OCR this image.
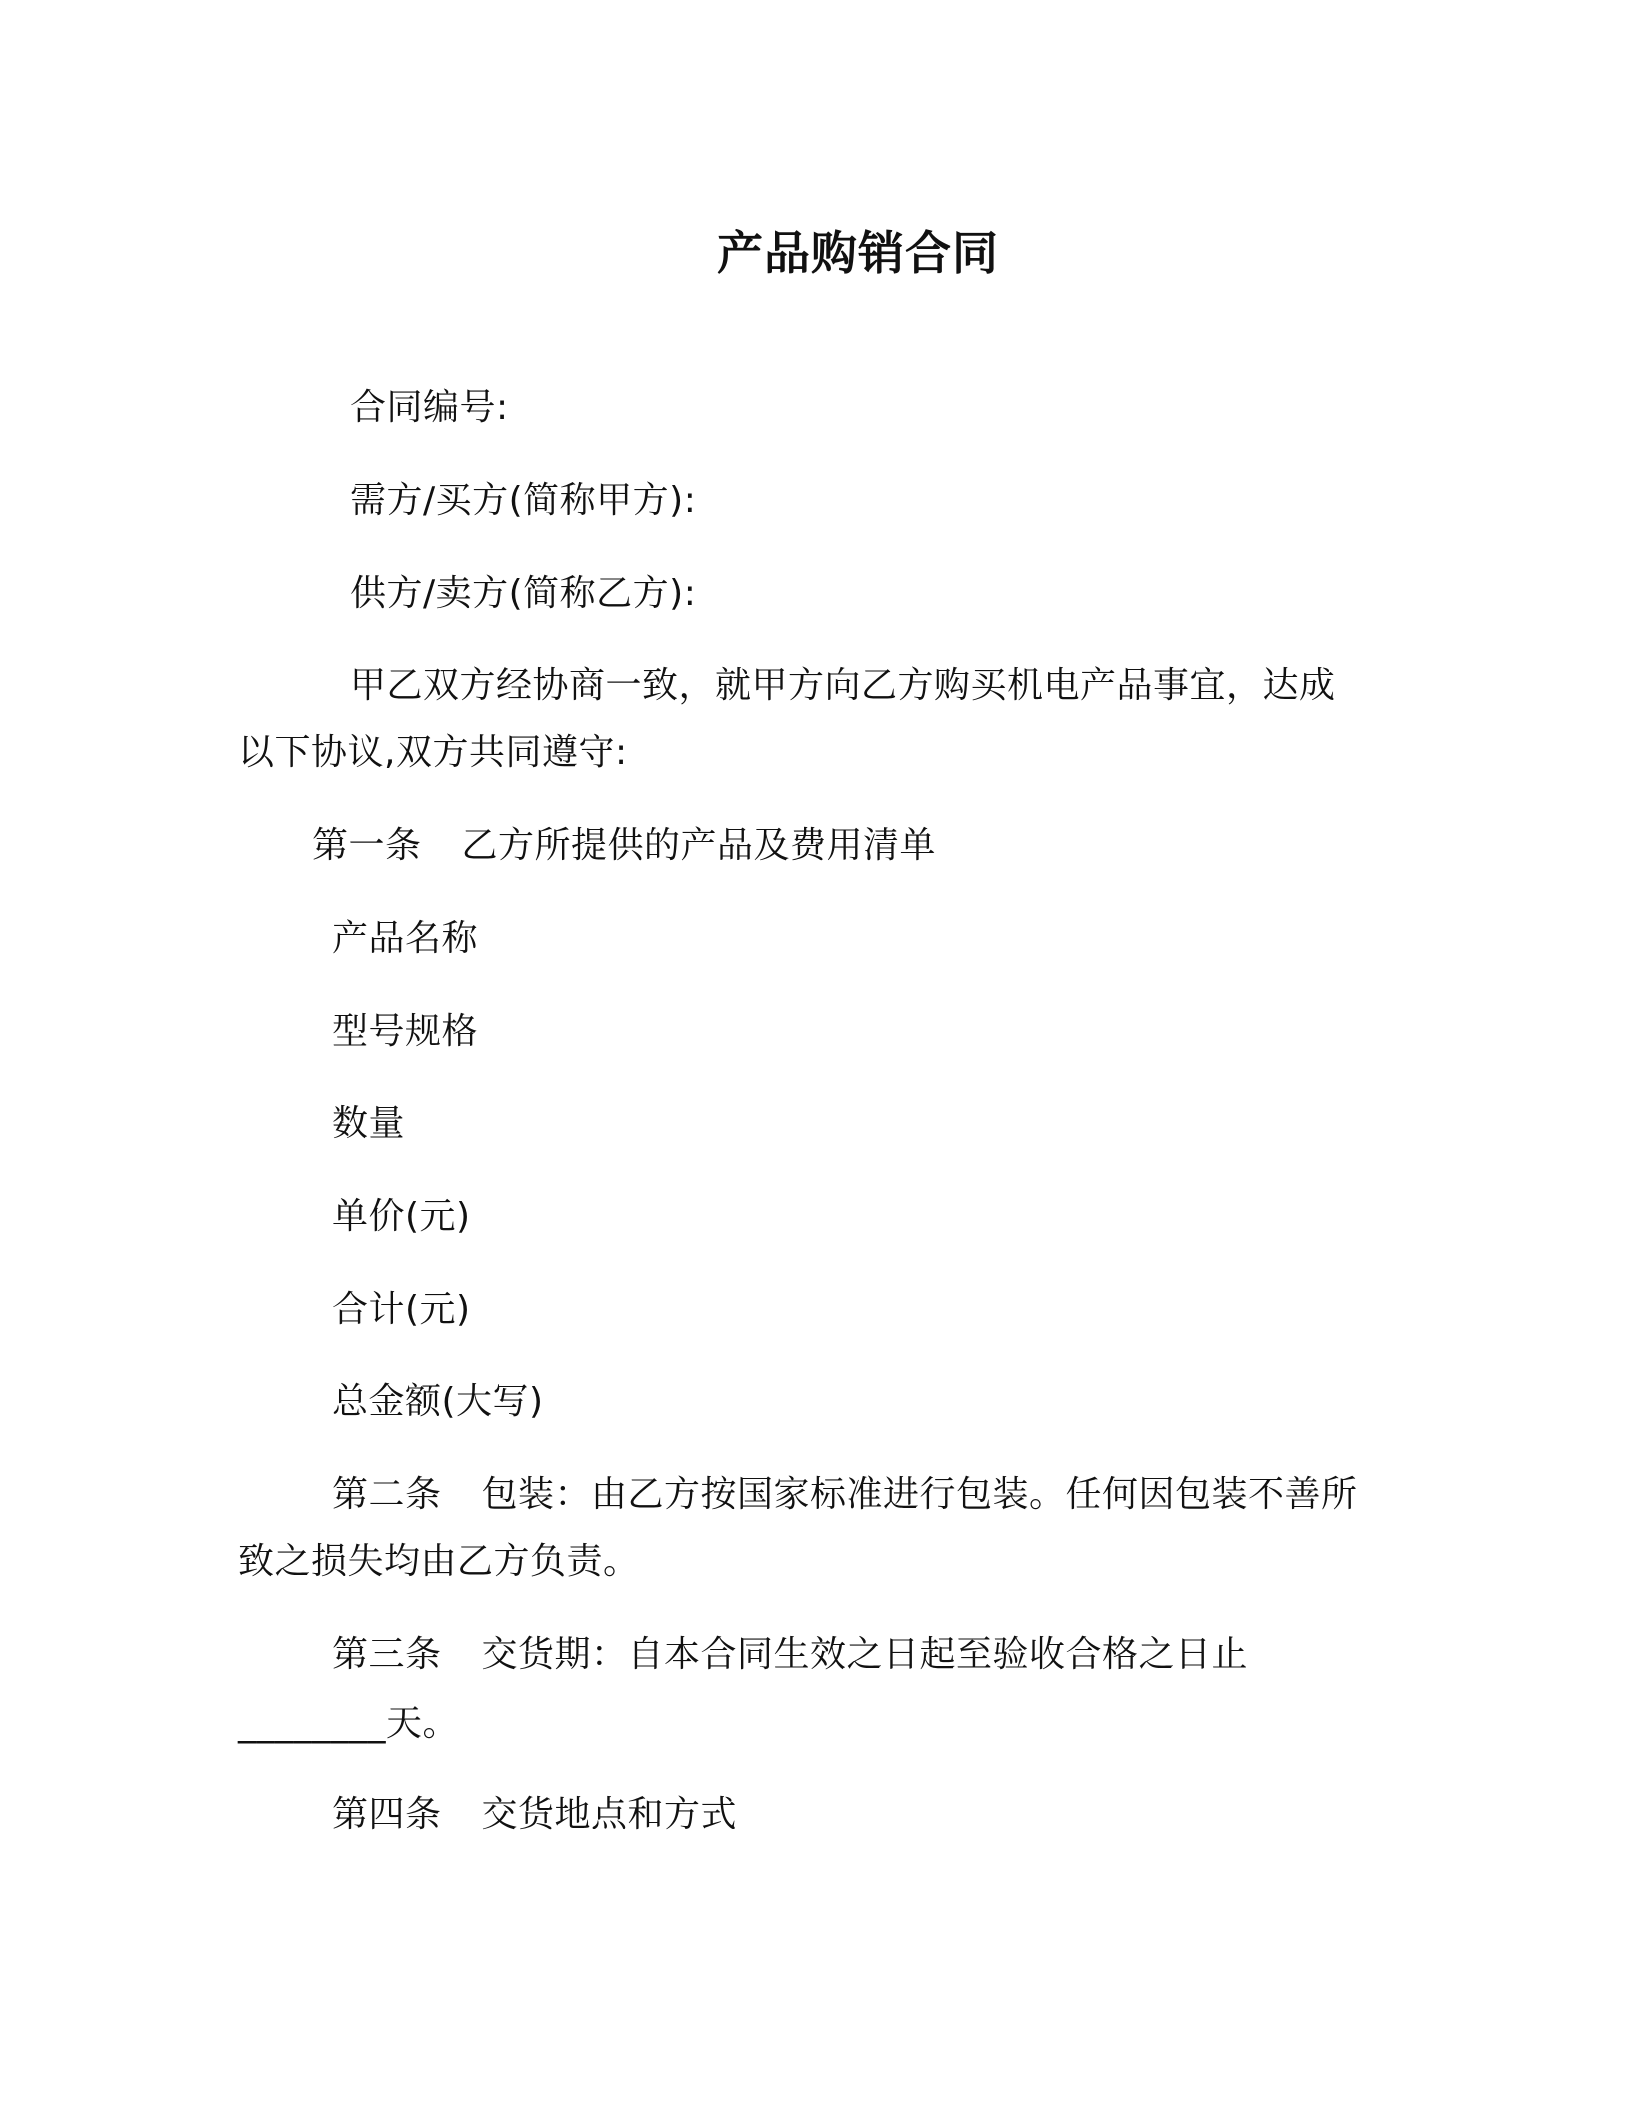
产品购销合同
合同编号:
需方/买方(简称甲方):
供方/卖方(简称乙方):
甲乙双方经协商一致，就甲方向乙方购买机电产品事宜，达成
以下协议,双方共同遵守:
第一条 乙方所提供的产品及费用清单
产品名称
型号规格
数量
单价(元)
合计(元)
总金额(大写)
第二条 包装：由乙方按国家标准进行包装。任何因包装不善所
致之损失均由乙方负责。
第三条 交货期：自本合同生效之日起至验收合格之日止
________天。
第四条 交货地点和方式
